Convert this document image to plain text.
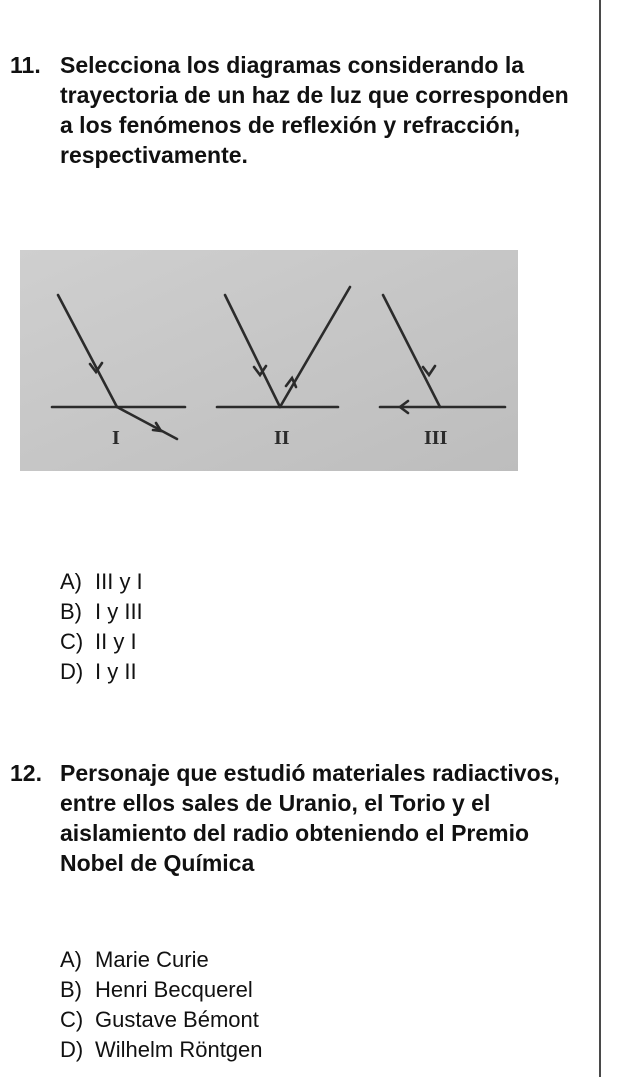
11. Selecciona los diagramas considerando la trayectoria de un haz de luz que corresponden a los fenómenos de reflexión y refracción, respectivamente.
I	II	III
A) III y I
B) I y III
C) II y I
D) I y II
12. Personaje que estudió materiales radiactivos, entre ellos sales de Uranio, el Torio y el aislamiento del radio obteniendo el Premio Nobel de Química
A) Marie Curie
B) Henri Becquerel
C) Gustave Bémont
D) Wilhelm Röntgen
